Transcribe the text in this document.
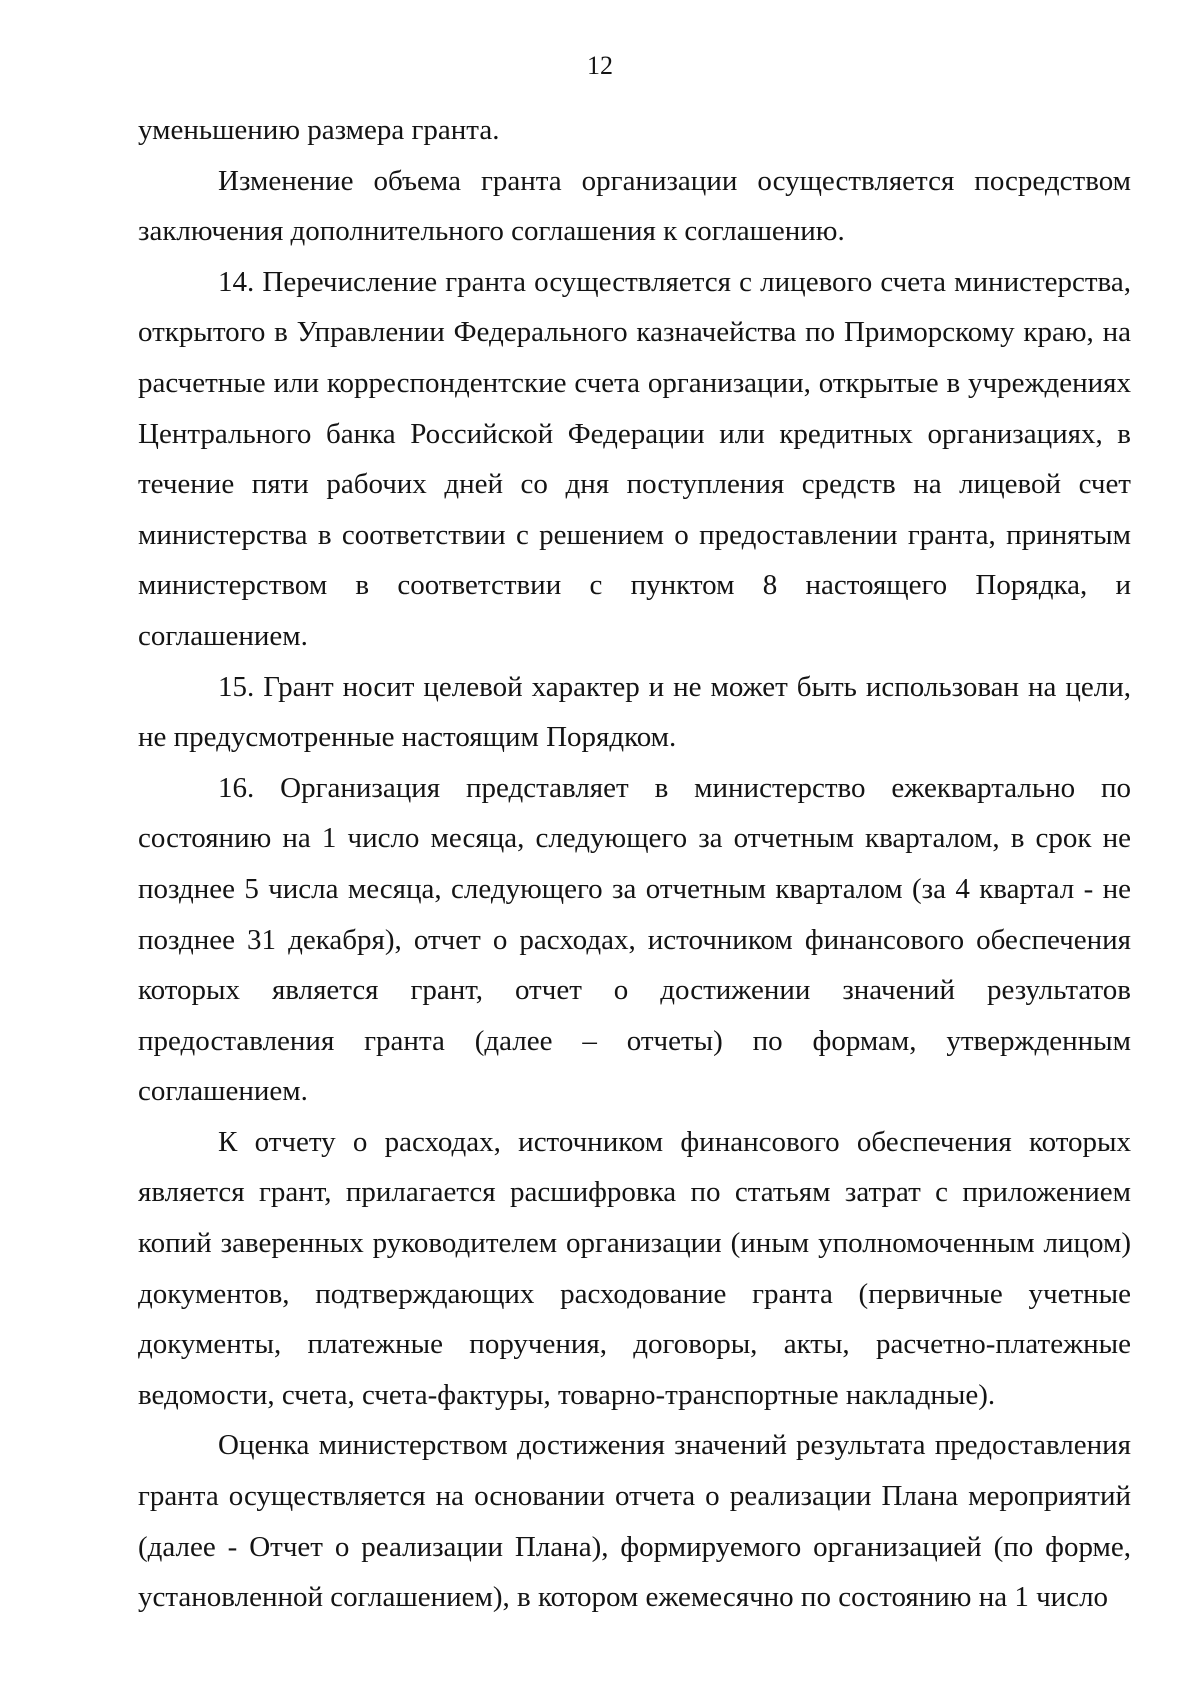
12

уменьшению размера гранта.

Изменение объема гранта организации осуществляется посредством заключения дополнительного соглашения к соглашению.

14. Перечисление гранта осуществляется с лицевого счета министерства, открытого в Управлении Федерального казначейства по Приморскому краю, на расчетные или корреспондентские счета организации, открытые в учреждениях Центрального банка Российской Федерации или кредитных организациях, в течение пяти рабочих дней со дня поступления средств на лицевой счет министерства в соответствии с решением о предоставлении гранта, принятым министерством в соответствии с пунктом 8 настоящего Порядка, и соглашением.

15. Грант носит целевой характер и не может быть использован на цели, не предусмотренные настоящим Порядком.

16. Организация представляет в министерство ежеквартально по состоянию на 1 число месяца, следующего за отчетным кварталом, в срок не позднее 5 числа месяца, следующего за отчетным кварталом (за 4 квартал - не позднее 31 декабря), отчет о расходах, источником финансового обеспечения которых является грант, отчет о достижении значений результатов предоставления гранта (далее – отчеты) по формам, утвержденным соглашением.

К отчету о расходах, источником финансового обеспечения которых является грант, прилагается расшифровка по статьям затрат с приложением копий заверенных руководителем организации (иным уполномоченным лицом) документов, подтверждающих расходование гранта (первичные учетные документы, платежные поручения, договоры, акты, расчетно-платежные ведомости, счета, счета-фактуры, товарно-транспортные накладные).

Оценка министерством достижения значений результата предоставления гранта осуществляется на основании отчета о реализации Плана мероприятий (далее - Отчет о реализации Плана), формируемого организацией (по форме, установленной соглашением), в котором ежемесячно по состоянию на 1 число
